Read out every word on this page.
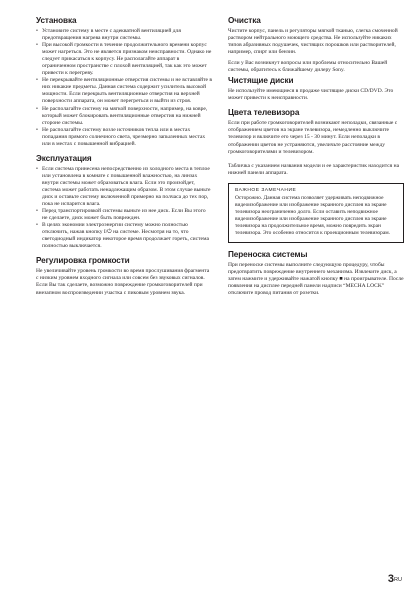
Установка
• Установите систему в месте с адекватной вентиляцией для предотвращения нагрева внутри системы.
• При высокой громкости в течение продолжительного времени корпус может нагреться. Это не является признаком неисправности. Однако не следует прикасаться к корпусу. Не располагайте аппарат в ограниченном пространстве с плохой вентиляцией, так как это может привести к перегреву.
• Не перекрывайте вентиляционные отверстия системы и не вставляйте в них никакие предметы. Данная система содержит усилитель высокой мощности. Если перекрыть вентиляционные отверстия на верхней поверхности аппарата, он может перегреться и выйти из строя.
• Не располагайте систему на мягкой поверхности, например, на ковре, который может блокировать вентиляционные отверстия на нижней стороне системы.
• Не располагайте систему возле источников тепла или в местах попадания прямого солнечного света, чрезмерно запыленных местах или в местах с повышенной вибрацией.
Эксплуатация
• Если система принесена непосредственно из холодного места в теплое или установлена в комнате с повышенной влажностью, на линзах внутри системы может образоваться влага. Если это произойдет, система может работать ненадлежащим образом. В этом случае выньте диск и оставьте систему включенной примерно на полчаса до тех пор, пока не испарится влага.
• Перед транспортировкой системы выньте из нее диск. Если Вы этого не сделаете, диск может быть поврежден.
• В целях экономии электроэнергии систему можно полностью отключить, нажав кнопку I/⏻ на системе. Несмотря на то, что светодиодный индикатор некоторое время продолжает гореть, система полностью выключается.
Регулировка громкости

Не увеличивайте уровень громкости во время прослушивания фрагмента с низким уровнем входного сигнала или совсем без звуковых сигналов. Если Вы так сделаете, возможно повреждение громкоговорителей при внезапном воспроизведении участка с пиковым уровнем звука.

Очистка

Чистите корпус, панель и регуляторы мягкой тканью, слегка смоченной раствором нейтрального моющего средства. Не используйте никаких типов абразивных подушечек, чистящих порошков или растворителей, например, спирт или бензин.

Если у Вас возникнут вопросы или проблемы относительно Вашей системы, обратитесь к ближайшему дилеру Sony.

Чистящие диски

Не используйте имеющиеся в продаже чистящие диски CD/DVD. Это может привести к неисправности.

Цвета телевизора

Если при работе громкоговорителей возникают неполадки, связанные с отображением цветов на экране телевизора, немедленно выключите телевизор и включите его через 15 - 30 минут. Если неполадки в отображении цветов не устраняются, увеличьте расстояние между громкоговорителями и телевизором.

Табличка с указанием названия модели и ее характеристик находится на нижней панели аппарата.

ВАЖНОЕ ЗАМЕЧАНИЕ

Осторожно. Данная система позволяет удерживать неподвижное видеоизображение или изображение экранного дисплея на экране телевизора неограниченно долго. Если оставить неподвижное видеоизображение или изображение экранного дисплея на экране телевизора на продолжительное время, можно повредить экран телевизора. Это особенно относится к проекционным телевизорам.

Перенoска системы

При переноске системы выполните следующую процедуру, чтобы предотвратить повреждение внутреннего механизма. Извлеките диск, а затем нажмите и удерживайте нажатой кнопку ■ на проигрывателе. После появления на дисплее передней панели надписи “MECHA LOCK” отключите провод питания от розетки.

$3^{RU}$
